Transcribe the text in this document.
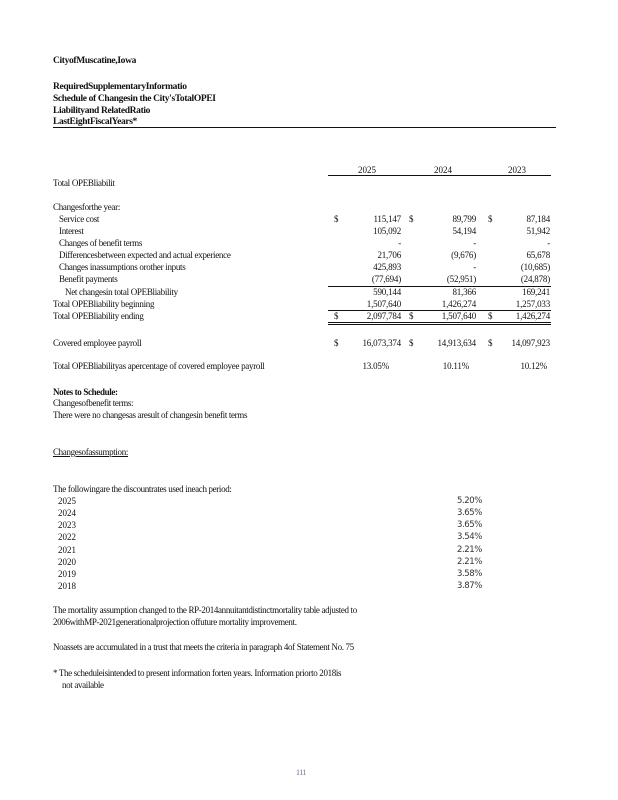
CityofMuscatine,Iowa
RequiredSupplementaryInformatio
Schedule of Changesin the City'sTotalOPEI
Liabilityand RelatedRatio
LastEightFiscalYears*
2025	2024	2023
Total OPEBliabilit
Changesforthe year:
Service cost	$	115,147 $	89,799 $	87,184
Interest	105,092	54,194	51,942
Changes of benefit terms	-	-	-
Differencesbetween expected and actual experience	21,706	(9,676)	65,678
Changes inassumptions orother inputs	425,893	-	(10,685)
Benefit payments	(77,694)	(52,951)	(24,878)
Net changesin total OPEBliability	590,144	81,366	169,241
Total OPEBliability beginning	1,507,640	1,426,274	1,257,033
Total OPEBliability ending	$	2,097,784 $	1,507,640 $	1,426,274
Covered employee payroll	$	16,073,374 $	14,913,634 $	14,097,923
Total OPEBliabilityas apercentage of covered employee payroll	13.05%	10.11%	10.12%
Notes to Schedule:
Changesofbenefit terms:
There were no changesas aresult of changesin benefit terms
Changesofassumption:
The followingare the discountrates used ineach period:
2025	5.20%
2024	3.65%
2023	3.65%
2022	3.54%
2021	2.21%
2020	2.21%
2019	3.58%
2018	3.87%
The mortality assumption changed to the RP-2014annuitantdistinctmortality table adjusted to
2006withMP-2021generationalprojection offuture mortality improvement.
Noassets are accumulated in a trust that meets the criteria in paragraph 4of Statement No. 75
* The scheduleisintended to present information forten years. Information priorto 2018is
not available
111
